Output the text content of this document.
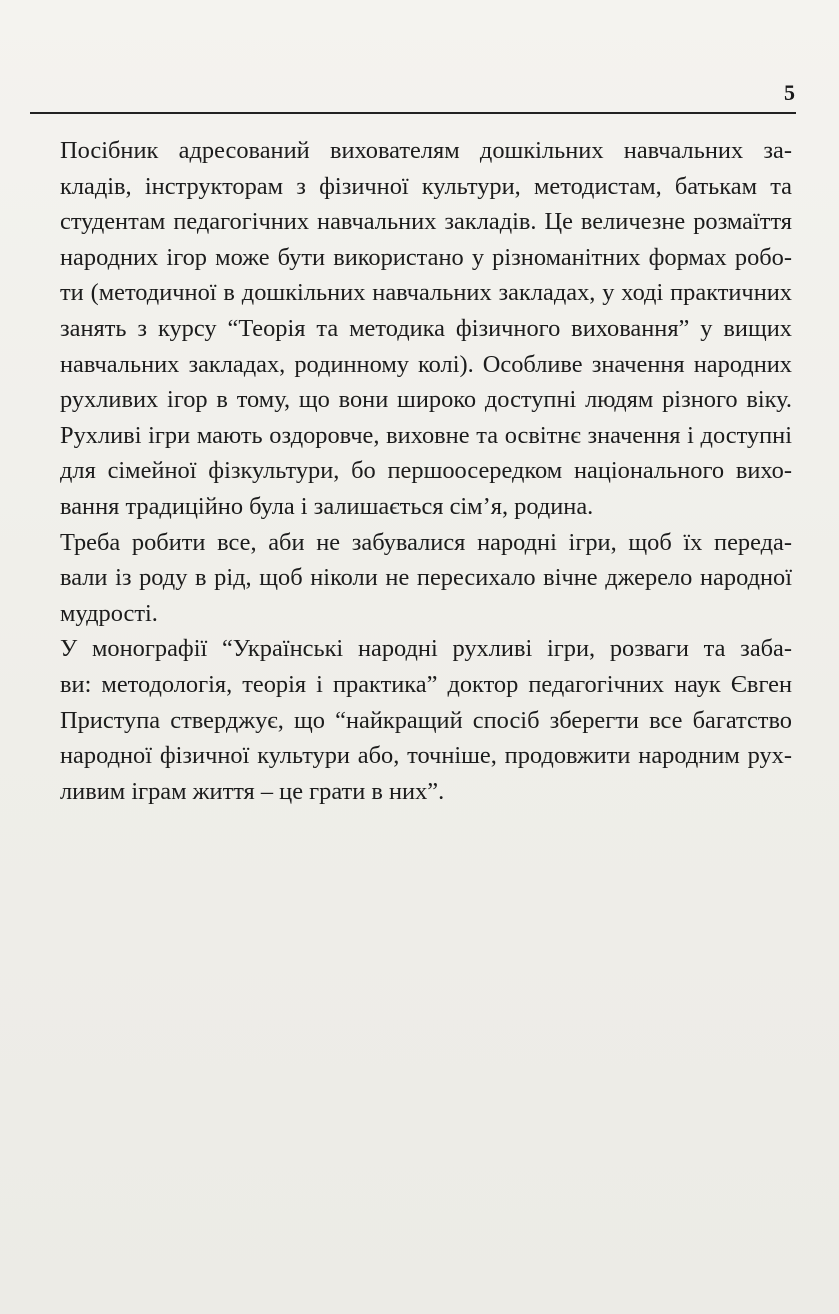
5
Посібник адресований вихователям дошкільних навчальних за-
кладів, інструкторам з фізичної культури, методистам, батькам та
студентам педагогічних навчальних закладів. Це величезне розмаїття
народних ігор може бути використано у різноманітних формах робо-
ти (методичної в дошкільних навчальних закладах, у ході практичних
занять з курсу “Теорія та методика фізичного виховання” у вищих
навчальних закладах, родинному колі). Особливе значення народних
рухливих ігор в тому, що вони широко доступні людям різного віку.
Рухливі ігри мають оздоровче, виховне та освітнє значення і доступні
для сімейної фізкультури, бо першоосередком національного вихо-
вання традиційно була і залишається сім’я, родина.
Треба робити все, аби не забувалися народні ігри, щоб їх переда-
вали із роду в рід, щоб ніколи не пересихало вічне джерело народної
мудрості.
У монографії “Українські народні рухливі ігри, розваги та заба-
ви: методологія, теорія і практика” доктор педагогічних наук Євген
Приступа стверджує, що “найкращий спосіб зберегти все багатство
народної фізичної культури або, точніше, продовжити народним рух-
ливим іграм життя – це грати в них”.
